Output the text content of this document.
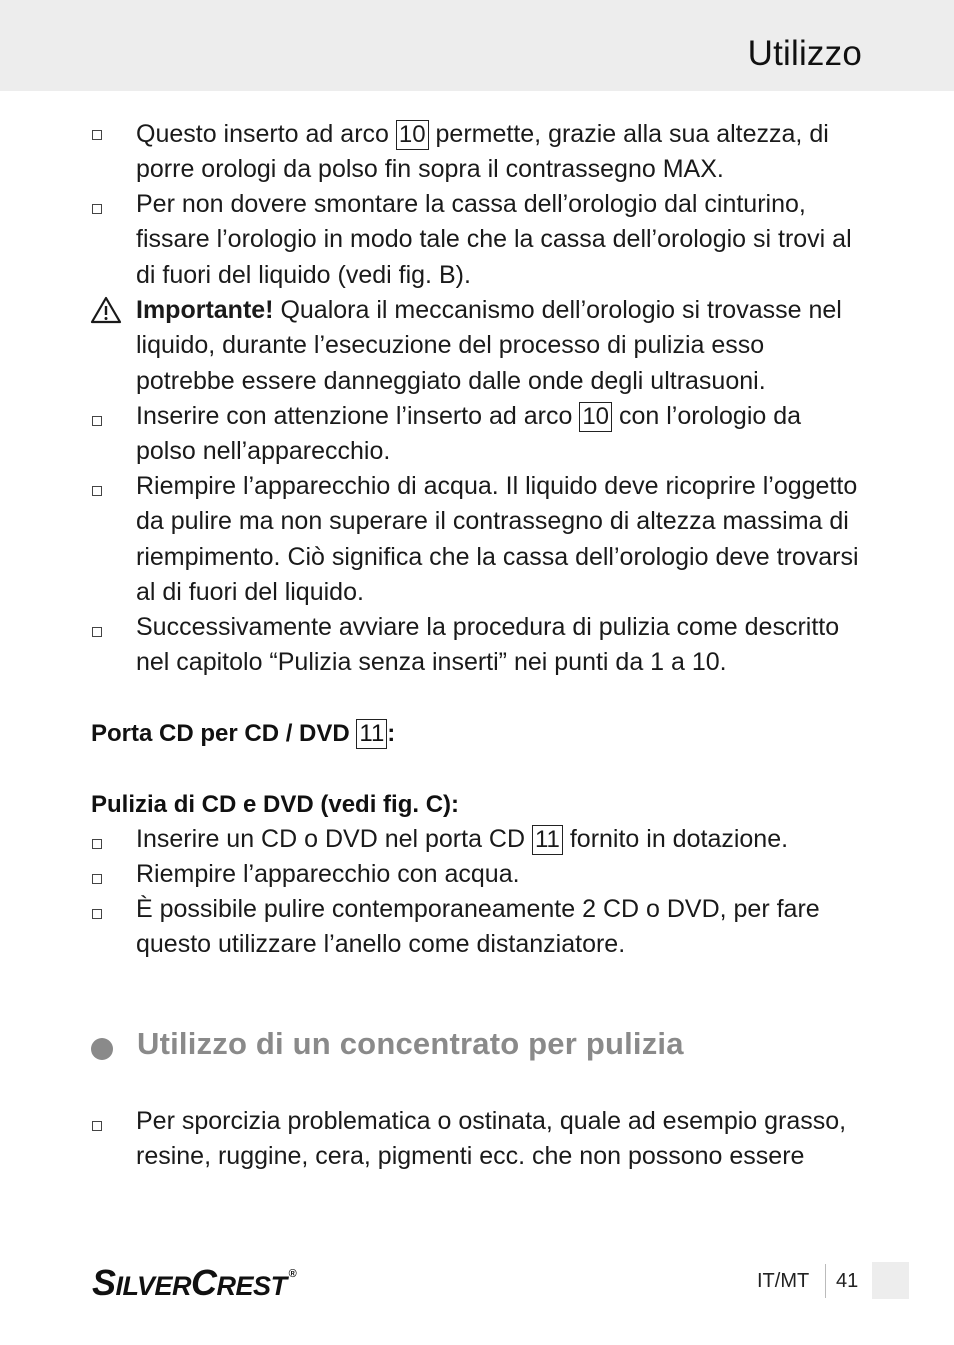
Utilizzo
Questo inserto ad arco 10 permette, grazie alla sua altezza, di porre orologi da polso fin sopra il contrassegno MAX.
Per non dovere smontare la cassa dell’orologio dal cinturino, fissare l’orologio in modo tale che la cassa dell’orologio si trovi al di fuori del liquido (vedi fig. B).
Importante! Qualora il meccanismo dell’orologio si trovasse nel liquido, durante l’esecuzione del processo di pulizia esso potrebbe essere danneggiato dalle onde degli ultrasuoni.
Inserire con attenzione l’inserto ad arco 10 con l’orologio da polso nell’apparecchio.
Riempire l’apparecchio di acqua. Il liquido deve ricoprire l’oggetto da pulire ma non superare il contrassegno di altezza massima di riempimento. Ciò significa che la cassa dell’orologio deve trovarsi al di fuori del liquido.
Successivamente avviare la procedura di pulizia come descritto nel capitolo “Pulizia senza inserti” nei punti da 1 a 10.
Porta CD per CD / DVD 11 :
Pulizia di CD e DVD (vedi fig. C):
Inserire un CD o DVD nel porta CD 11 fornito in dotazione.
Riempire l’apparecchio con acqua.
È possibile pulire contemporaneamente 2 CD o DVD, per fare questo utilizzare l’anello come distanziatore.
Utilizzo di un concentrato per pulizia
Per sporcizia problematica o ostinata, quale ad esempio grasso, resine, ruggine, cera, pigmenti ecc. che non possono essere
SILVERCREST ®	IT/MT 41
